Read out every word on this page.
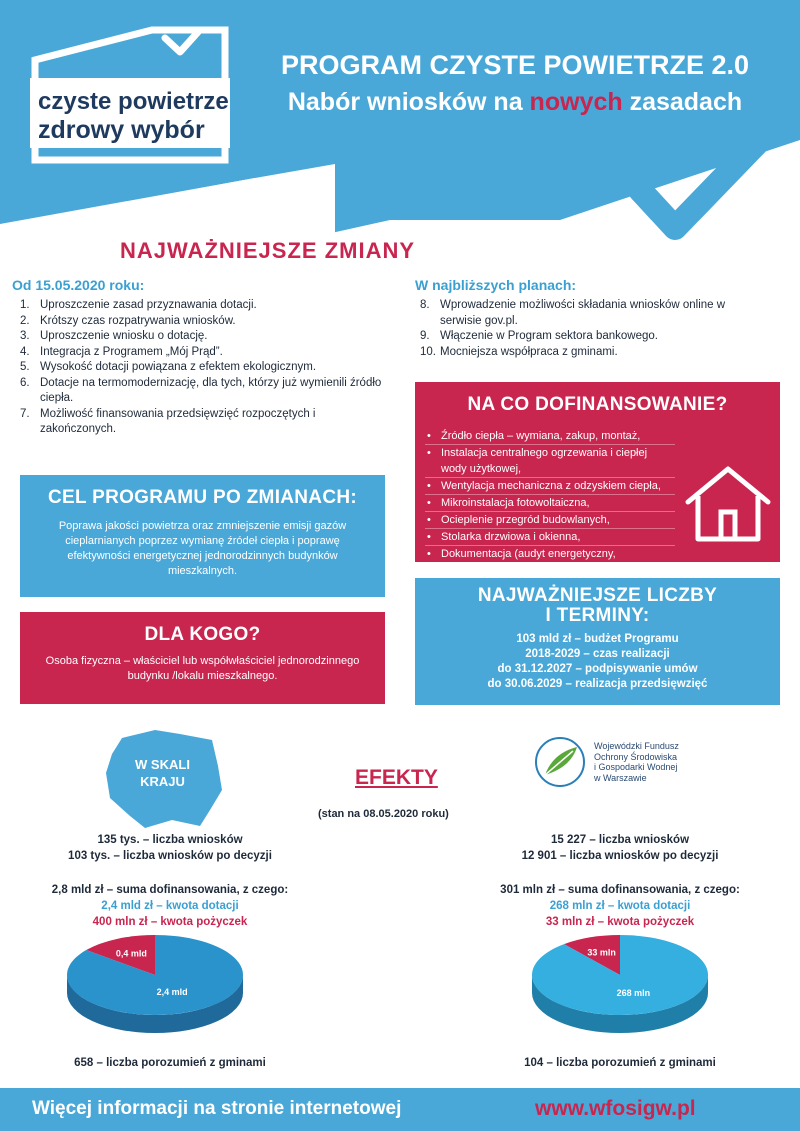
czyste powietrze
zdrowy wybór
PROGRAM CZYSTE POWIETRZE 2.0
Nabór wniosków na nowych zasadach
NAJWAŻNIEJSZE ZMIANY
Od 15.05.2020 roku:
1. Uproszczenie zasad przyznawania dotacji.
2. Krótszy czas rozpatrywania wniosków.
3. Uproszczenie wniosku o dotację.
4. Integracja z Programem „Mój Prąd”.
5. Wysokość dotacji powiązana z efektem ekologicznym.
6. Dotacje na termomodernizację, dla tych, którzy już wymienili źródło ciepła.
7. Możliwość finansowania przedsięwzięć rozpoczętych i zakończonych.
W najbliższych planach:
8. Wprowadzenie możliwości składania wniosków online w serwisie gov.pl.
9. Włączenie w Program sektora bankowego.
10. Mocniejsza współpraca z gminami.
CEL PROGRAMU PO ZMIANACH:

Poprawa jakości powietrza oraz zmniejszenie emisji gazów cieplarnianych poprzez wymianę źródeł ciepła i poprawę efektywności energetycznej jednorodzinnych budynków mieszkalnych.

DLA KOGO?

Osoba fizyczna – właściciel lub współwłaściciel jednorodzinnego budynku /lokalu mieszkalnego.

NA CO DOFINANSOWANIE?
• Źródło ciepła – wymiana, zakup, montaż,
• Instalacja centralnego ogrzewania i ciepłej wody użytkowej,
• Wentylacja mechaniczna z odzyskiem ciepła,
• Mikroinstalacja fotowoltaiczna,
• Ocieplenie przegród budowlanych,
• Stolarka drzwiowa i okienna,
• Dokumentacja (audyt energetyczny, dokumentacja projektowa).
NAJWAŻNIEJSZE LICZBY
I TERMINY:
103 mld zł – budżet Programu
2018-2029 – czas realizacji
do 31.12.2027 – podpisywanie umów
do 30.06.2029 – realizacja przedsięwzięć
W SKALI
KRAJU	EFEKTY
(stan na 08.05.2020 roku)
Wojewódzki Fundusz
Ochrony Środowiska
i Gospodarki Wodnej
w Warszawie
135 tys. – liczba wniosków
103 tys. – liczba wniosków po decyzji
2,8 mld zł – suma dofinansowania, z czego:
2,4 mld zł – kwota dotacji
400 mln zł – kwota pożyczek
0,4 mld
2,4 mld
658 – liczba porozumień z gminami
15 227 – liczba wniosków
12 901 – liczba wniosków po decyzji
301 mln zł – suma dofinansowania, z czego:
268 mln zł – kwota dotacji
33 mln zł – kwota pożyczek
33 mln
268 mln
104 – liczba porozumień z gminami
Więcej informacji na stronie internetowej	www.wfosigw.pl
